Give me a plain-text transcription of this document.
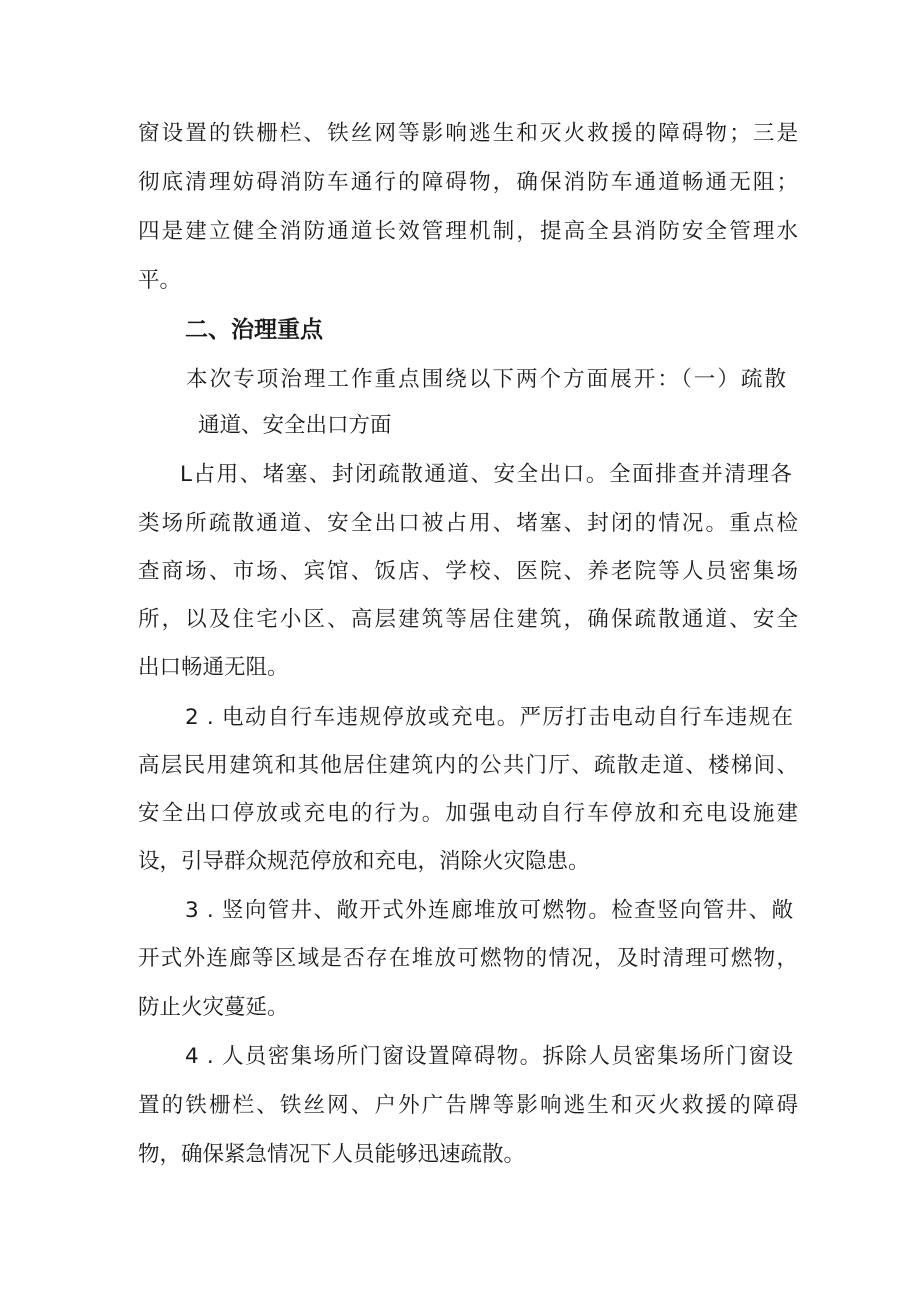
窗设置的铁栅栏、铁丝网等影响逃生和灭火救援的障碍物；三是
彻底清理妨碍消防车通行的障碍物，确保消防车通道畅通无阻；
四是建立健全消防通道长效管理机制，提高全县消防安全管理水
平。
二、治理重点
本次专项治理工作重点围绕以下两个方面展开：（一）疏散
通道、安全出口方面
L占用、堵塞、封闭疏散通道、安全出口。全面排查并清理各
类场所疏散通道、安全出口被占用、堵塞、封闭的情况。重点检
查商场、市场、宾馆、饭店、学校、医院、养老院等人员密集场
所，以及住宅小区、高层建筑等居住建筑，确保疏散通道、安全
出口畅通无阻。
2 . 电动自行车违规停放或充电。严厉打击电动自行车违规在
高层民用建筑和其他居住建筑内的公共门厅、疏散走道、楼梯间、
安全出口停放或充电的行为。加强电动自行车停放和充电设施建
设，引导群众规范停放和充电，消除火灾隐患。
3 . 竖向管井、敞开式外连廊堆放可燃物。检查竖向管井、敞
开式外连廊等区域是否存在堆放可燃物的情况，及时清理可燃物，
防止火灾蔓延。
4 . 人员密集场所门窗设置障碍物。拆除人员密集场所门窗设
置的铁栅栏、铁丝网、户外广告牌等影响逃生和灭火救援的障碍
物，确保紧急情况下人员能够迅速疏散。
